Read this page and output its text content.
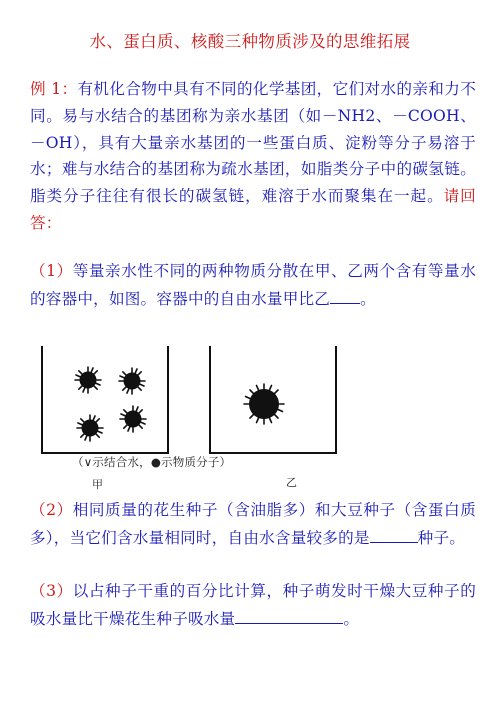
水、蛋白质、核酸三种物质涉及的思维拓展
例 1：有机化合物中具有不同的化学基团，它们对水的亲和力不同。易与水结合的基团称为亲水基团（如－NH2、－COOH、－OH），具有大量亲水基团的一些蛋白质、淀粉等分子易溶于水；难与水结合的基团称为疏水基团，如脂类分子中的碳氢链。脂类分子往往有很长的碳氢链，难溶于水而聚集在一起。请回答：
（1）等量亲水性不同的两种物质分散在甲、乙两个含有等量水的容器中，如图。容器中的自由水量甲比乙 。
（∨示结合水，●示物质分子）
甲	乙
（2）相同质量的花生种子（含油脂多）和大豆种子（含蛋白质多），当它们含水量相同时，自由水含量较多的是	种子。
（3）以占种子干重的百分比计算，种子萌发时干燥大豆种子的吸水量比干燥花生种子吸水量	。
